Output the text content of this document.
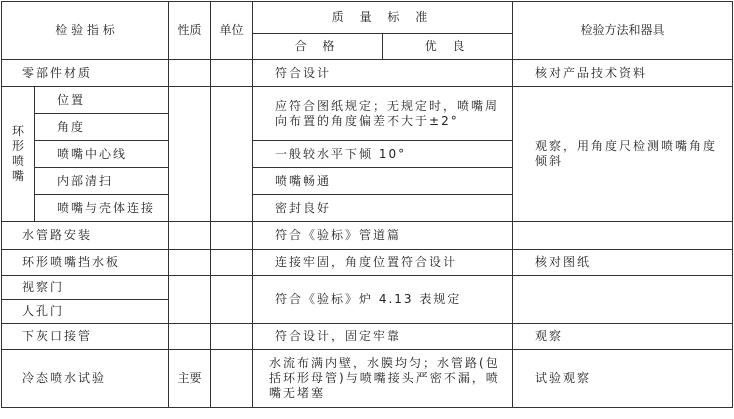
检 验 指 标		性质	单位	质 量 标 准		检验方法和器具
				合 格	优 良	
零部件材质				符合设计		核对产品技术资料

环形喷嘴	位置			应符合图纸规定；无规定时，喷嘴周向布置的角度偏差不大于±2°		观察，用角度尺检测喷嘴角度倾斜
	角度					
	喷嘴中心线			一般较水平下倾 10°		
	内部清扫			喷嘴畅通		
	喷嘴与壳体连接			密封良好		
水管路安装				符合《验标》管道篇		
环形喷嘴挡水板				连接牢固，角度位置符合设计		核对图纸
视察门				符合《验标》炉 4.13 表规定		
人孔门						
下灰口接管				符合设计，固定牢靠		观察
冷态喷水试验		主要		水流布满内壁，水膜均匀；水管路(包括环形母管)与喷嘴接头严密不漏，喷嘴无堵塞		试验观察
